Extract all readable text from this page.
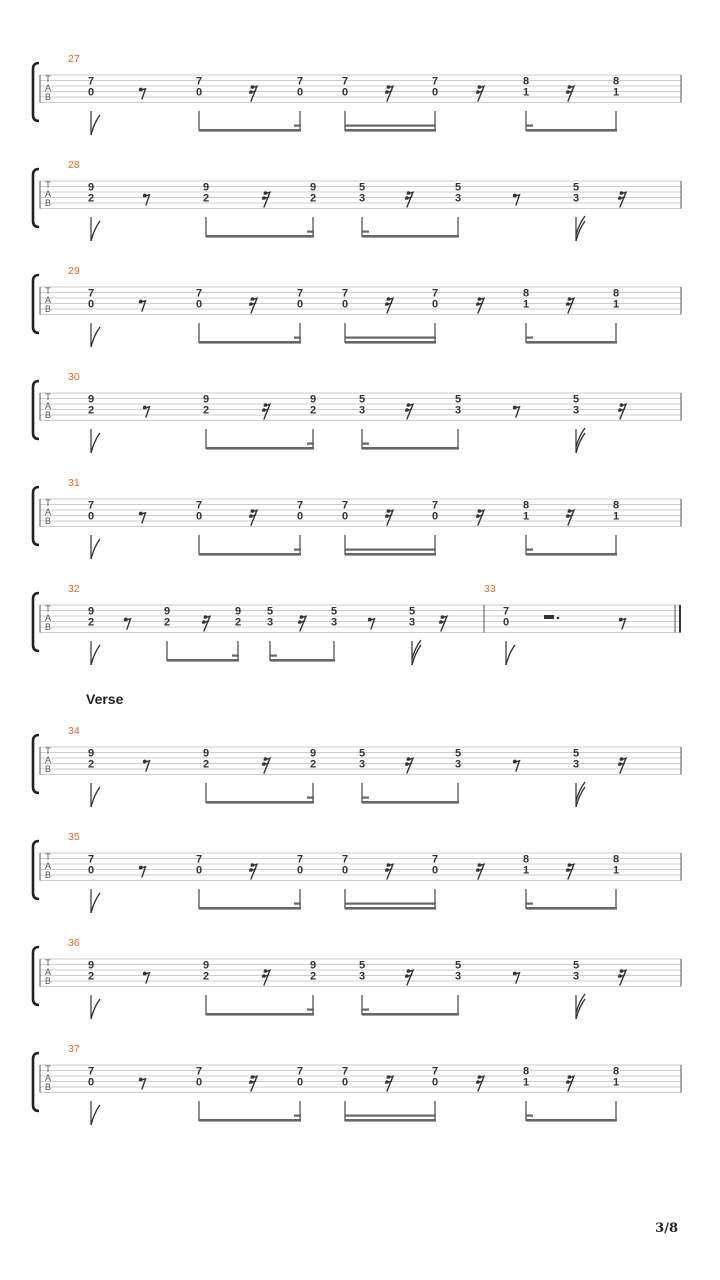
T
A
B
27
7
0
7
0
7
0
7
0
7
0
8
1
8
1
T
A
B
28
9
2
9
2
9
2
5
3
5
3
5
3
T
A
B
29
7
0
7
0
7
0
7
0
7
0
8
1
8
1
T
A
B
30
9
2
9
2
9
2
5
3
5
3
5
3
T
A
B
31
7
0
7
0
7
0
7
0
7
0
8
1
8
1
T
A
B
32
9
2
9
2
9
2
5
3
5
3
5
3
33
7
0
T
A
B
34
9
2
9
2
9
2
5
3
5
3
5
3
T
A
B
35
7
0
7
0
7
0
7
0
7
0
8
1
8
1
T
A
B
36
9
2
9
2
9
2
5
3
5
3
5
3
T
A
B
37
7
0
7
0
7
0
7
0
7
0
8
1
8
1
Verse
3/8
